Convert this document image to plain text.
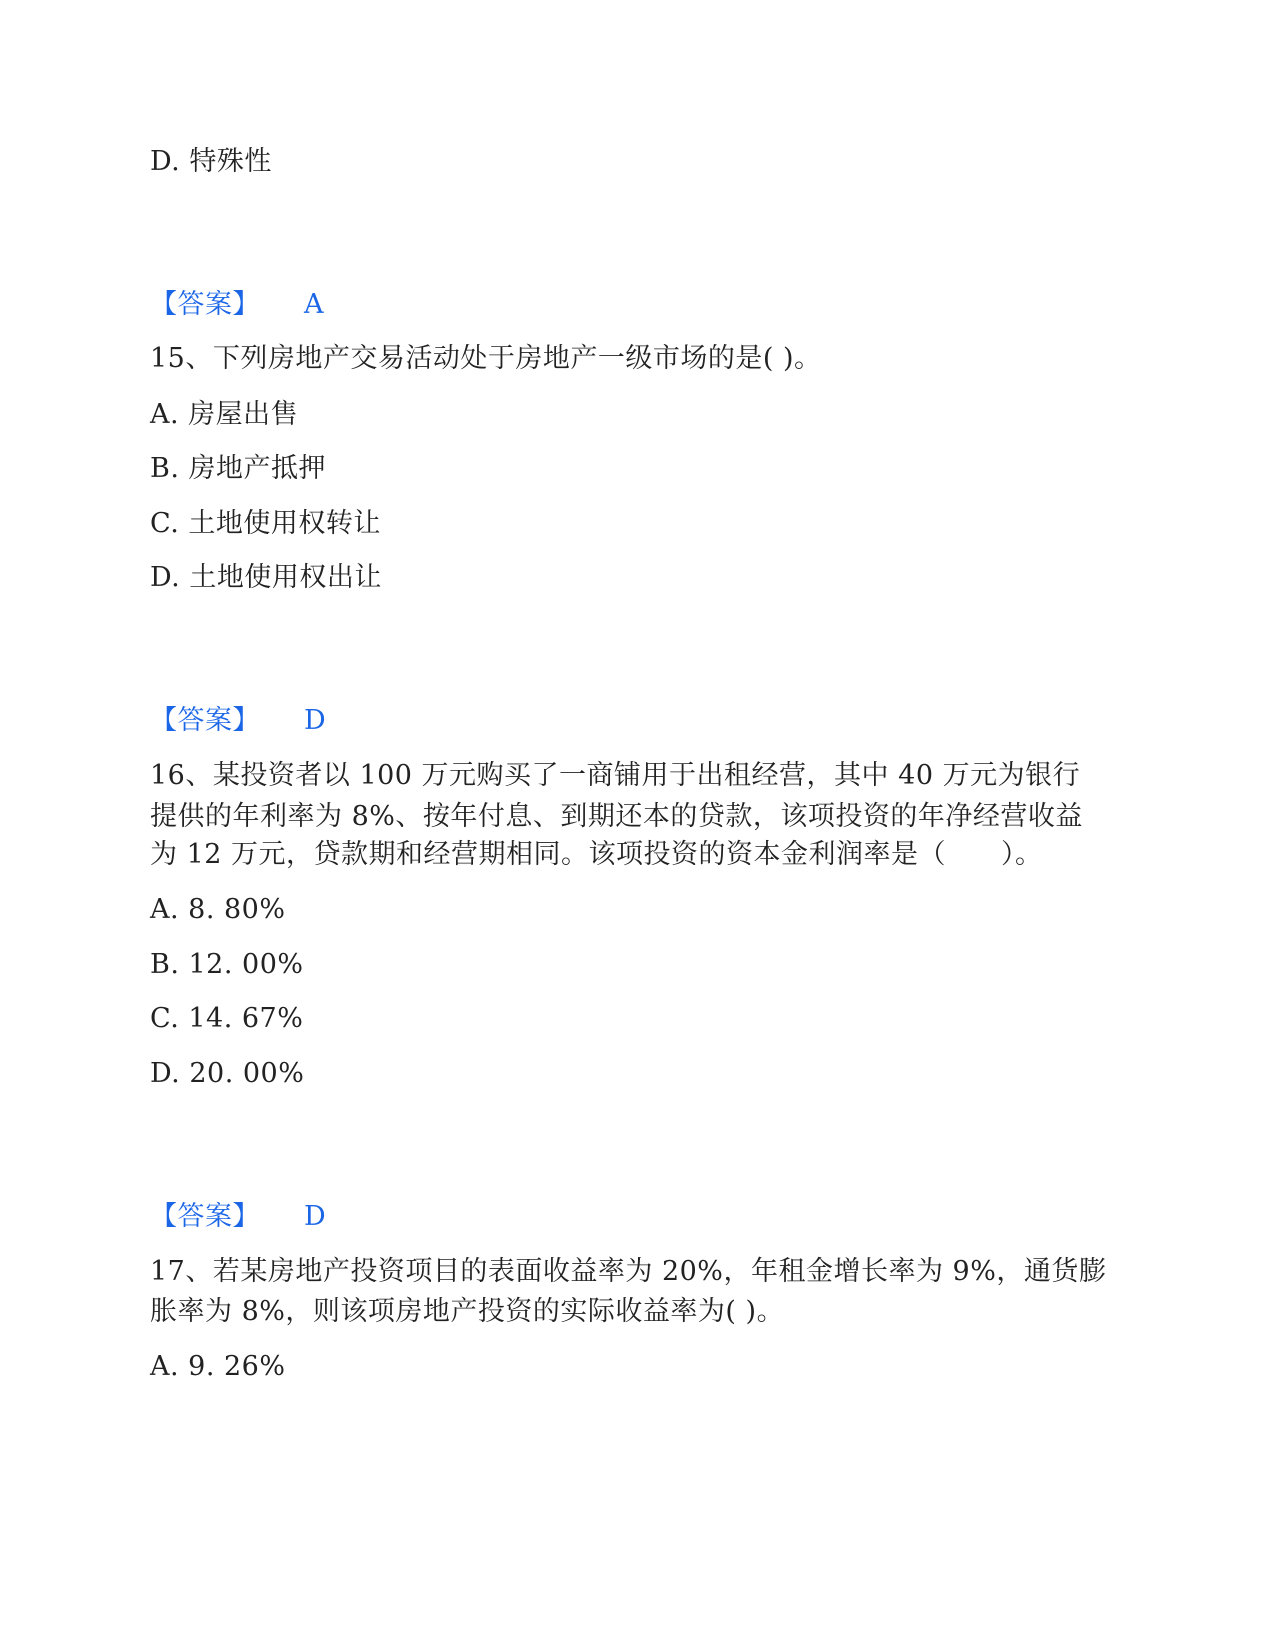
D. 特殊性
【答案】 A
15、下列房地产交易活动处于房地产一级市场的是( )。
A. 房屋出售
B. 房地产抵押
C. 土地使用权转让
D. 土地使用权出让
【答案】 D
16、某投资者以 100 万元购买了一商铺用于出租经营，其中 40 万元为银行
提供的年利率为 8%、按年付息、到期还本的贷款，该项投资的年净经营收益
为 12 万元，贷款期和经营期相同。该项投资的资本金利润率是（　　）。
A. 8. 80%
B. 12. 00%
C. 14. 67%
D. 20. 00%
【答案】 D
17、若某房地产投资项目的表面收益率为 20%，年租金增长率为 9%，通货膨
胀率为 8%，则该项房地产投资的实际收益率为( )。
A. 9. 26%
